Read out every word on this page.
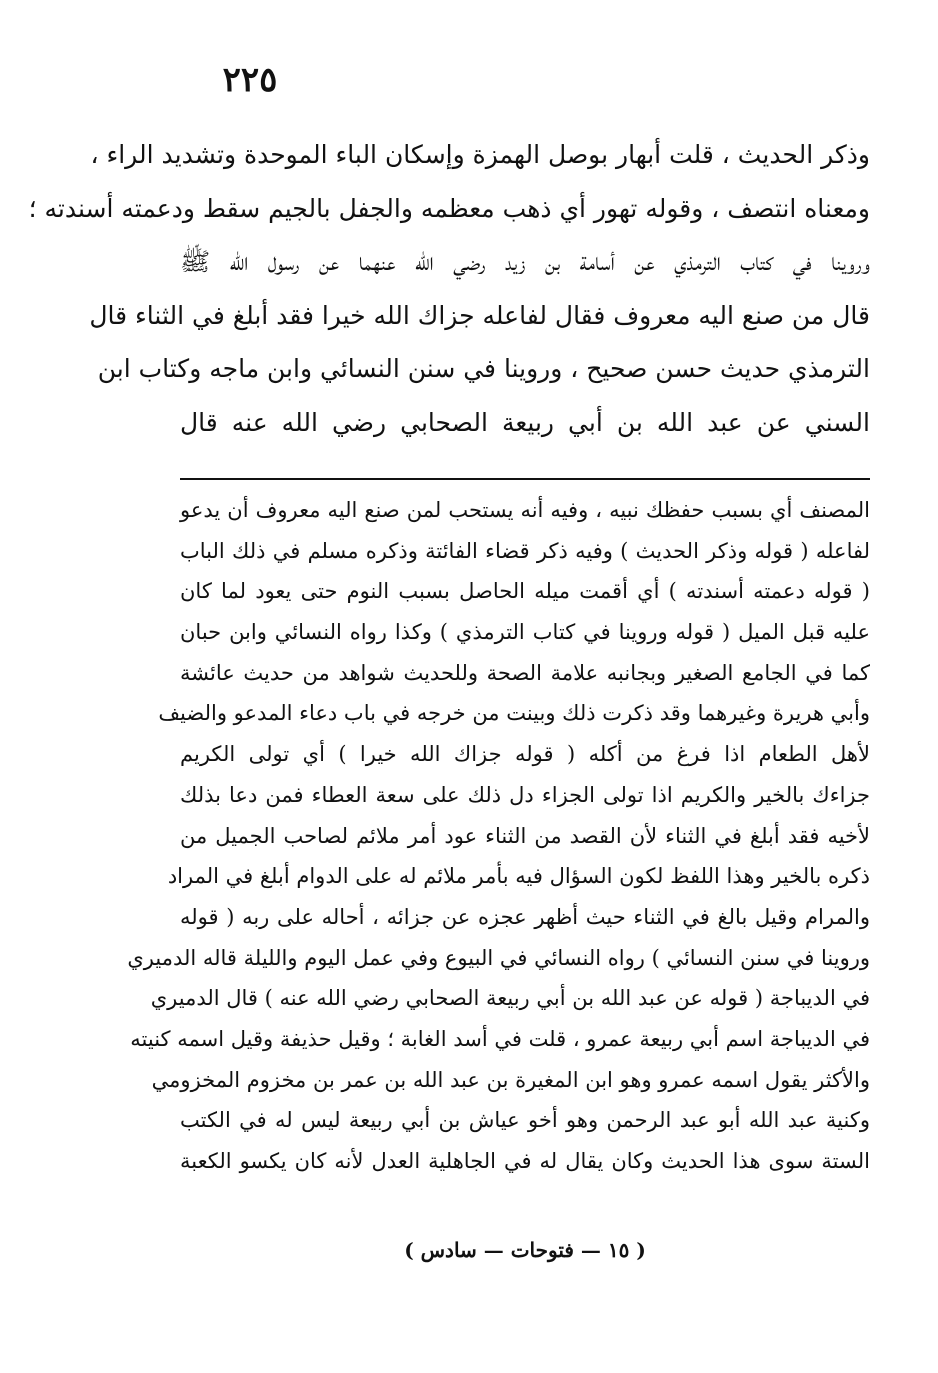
٢٢٥
وذكر الحديث ، قلت أبهار بوصل الهمزة وإسكان الباء الموحدة وتشديد الراء ،
ومعناه انتصف ، وقوله تهور أي ذهب معظمه والجفل بالجيم سقط ودعمته أسندته ؛
وروينا في كتاب الترمذي عن أسامة بن زيد رضي الله عنهما عن رسول الله ﷺ
قال من صنع اليه معروف فقال لفاعله جزاك الله خيرا فقد أبلغ في الثناء قال
الترمذي حديث حسن صحيح ، وروينا في سنن النسائي وابن ماجه وكتاب ابن
السني عن عبد الله بن أبي ربيعة الصحابي رضي الله عنه قال
المصنف أي بسبب حفظك نبيه ، وفيه أنه يستحب لمن صنع اليه معروف أن يدعو
لفاعله ( قوله وذكر الحديث ) وفيه ذكر قضاء الفائتة وذكره مسلم في ذلك الباب
( قوله دعمته أسندته ) أي أقمت ميله الحاصل بسبب النوم حتى يعود لما كان
عليه قبل الميل ( قوله وروينا في كتاب الترمذي ) وكذا رواه النسائي وابن حبان
كما في الجامع الصغير وبجانبه علامة الصحة وللحديث شواهد من حديث عائشة
وأبي هريرة وغيرهما وقد ذكرت ذلك وبينت من خرجه في باب دعاء المدعو والضيف
لأهل الطعام اذا فرغ من أكله ( قوله جزاك الله خيرا ) أي تولى الكريم
جزاءك بالخير والكريم اذا تولى الجزاء دل ذلك على سعة العطاء فمن دعا بذلك
لأخيه فقد أبلغ في الثناء لأن القصد من الثناء عود أمر ملائم لصاحب الجميل من
ذكره بالخير وهذا اللفظ لكون السؤال فيه بأمر ملائم له على الدوام أبلغ في المراد
والمرام وقيل بالغ في الثناء حيث أظهر عجزه عن جزائه ، أحاله على ربه ( قوله
وروينا في سنن النسائي ) رواه النسائي في البيوع وفي عمل اليوم والليلة قاله الدميري
في الديباجة ( قوله عن عبد الله بن أبي ربيعة الصحابي رضي الله عنه ) قال الدميري
في الديباجة اسم أبي ربيعة عمرو ، قلت في أسد الغابة ؛ وقيل حذيفة وقيل اسمه كنيته
والأكثر يقول اسمه عمرو وهو ابن المغيرة بن عبد الله بن عمر بن مخزوم المخزومي
وكنية عبد الله أبو عبد الرحمن وهو أخو عياش بن أبي ربيعة ليس له في الكتب
الستة سوى هذا الحديث وكان يقال له في الجاهلية العدل لأنه كان يكسو الكعبة
( ١٥ — فتوحات — سادس )
